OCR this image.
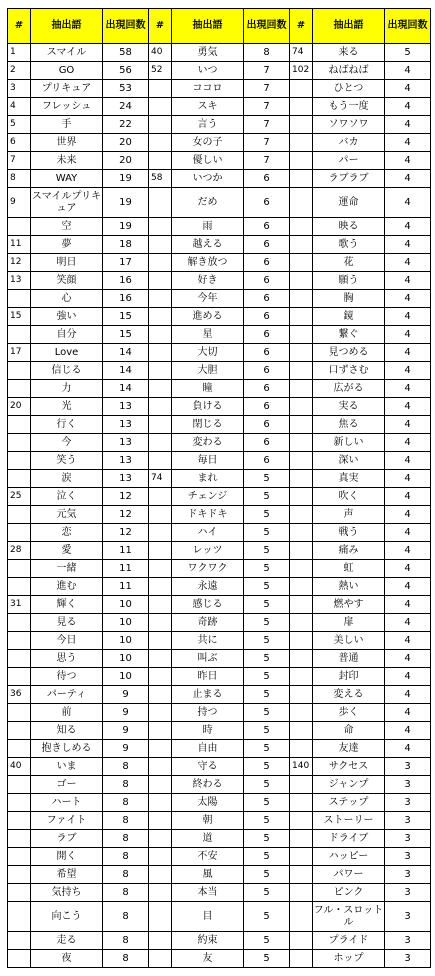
#	抽出語	出現回数	#	抽出語	出現回数	#	抽出語	出現回数
1	スマイル	58	40	勇気	8	74	来る	5
2	GO	56	52	いつ	7	102	ねばねば	4
3	プリキュア	53		ココロ	7		ひとつ	4
4	フレッシュ	24		スキ	7		もう一度	4
5	手	22		言う	7		ソワソワ	4
6	世界	20		女の子	7		バカ	4
7	未来	20		優しい	7		パー	4
8	WAY	19	58	いつか	6		ラブラブ	4
9	スマイルプリキュア	19		だめ	6		運命	4
	空	19		雨	6		映る	4
11	夢	18		越える	6		歌う	4
12	明日	17		解き放つ	6		花	4
13	笑顔	16		好き	6		願う	4
	心	16		今年	6		胸	4
15	強い	15		進める	6		鏡	4
	自分	15		星	6		繋ぐ	4
17	Love	14		大切	6		見つめる	4
	信じる	14		大胆	6		口ずさむ	4
	力	14		瞳	6		広がる	4
20	光	13		負ける	6		実る	4
	行く	13		閉じる	6		焦る	4
	今	13		変わる	6		新しい	4
	笑う	13		毎日	6		深い	4
	涙	13	74	まれ	5		真実	4
25	泣く	12		チェンジ	5		吹く	4
	元気	12		ドキドキ	5		声	4
	恋	12		ハイ	5		戦う	4
28	愛	11		レッツ	5		痛み	4
	一緒	11		ワクワク	5		虹	4
	進む	11		永遠	5		熱い	4
31	輝く	10		感じる	5		燃やす	4
	見る	10		奇跡	5		扉	4
	今日	10		共に	5		美しい	4
	思う	10		叫ぶ	5		普通	4
	待つ	10		昨日	5		封印	4
36	パーティ	9		止まる	5		変える	4
	前	9		持つ	5		歩く	4
	知る	9		時	5		命	4
	抱きしめる	9		自由	5		友達	4
40	いま	8		守る	5	140	サクセス	3
	ゴー	8		終わる	5		ジャンプ	3
	ハート	8		太陽	5		ステップ	3
	ファイト	8		朝	5		ストーリー	3
	ラブ	8		道	5		ドライブ	3
	開く	8		不安	5		ハッピー	3
	希望	8		風	5		パワー	3
	気持ち	8		本当	5		ピンク	3
	向こう	8		目	5		フル・スロットル	3
	走る	8		約束	5		プライド	3
	夜	8		友	5		ホップ	3
